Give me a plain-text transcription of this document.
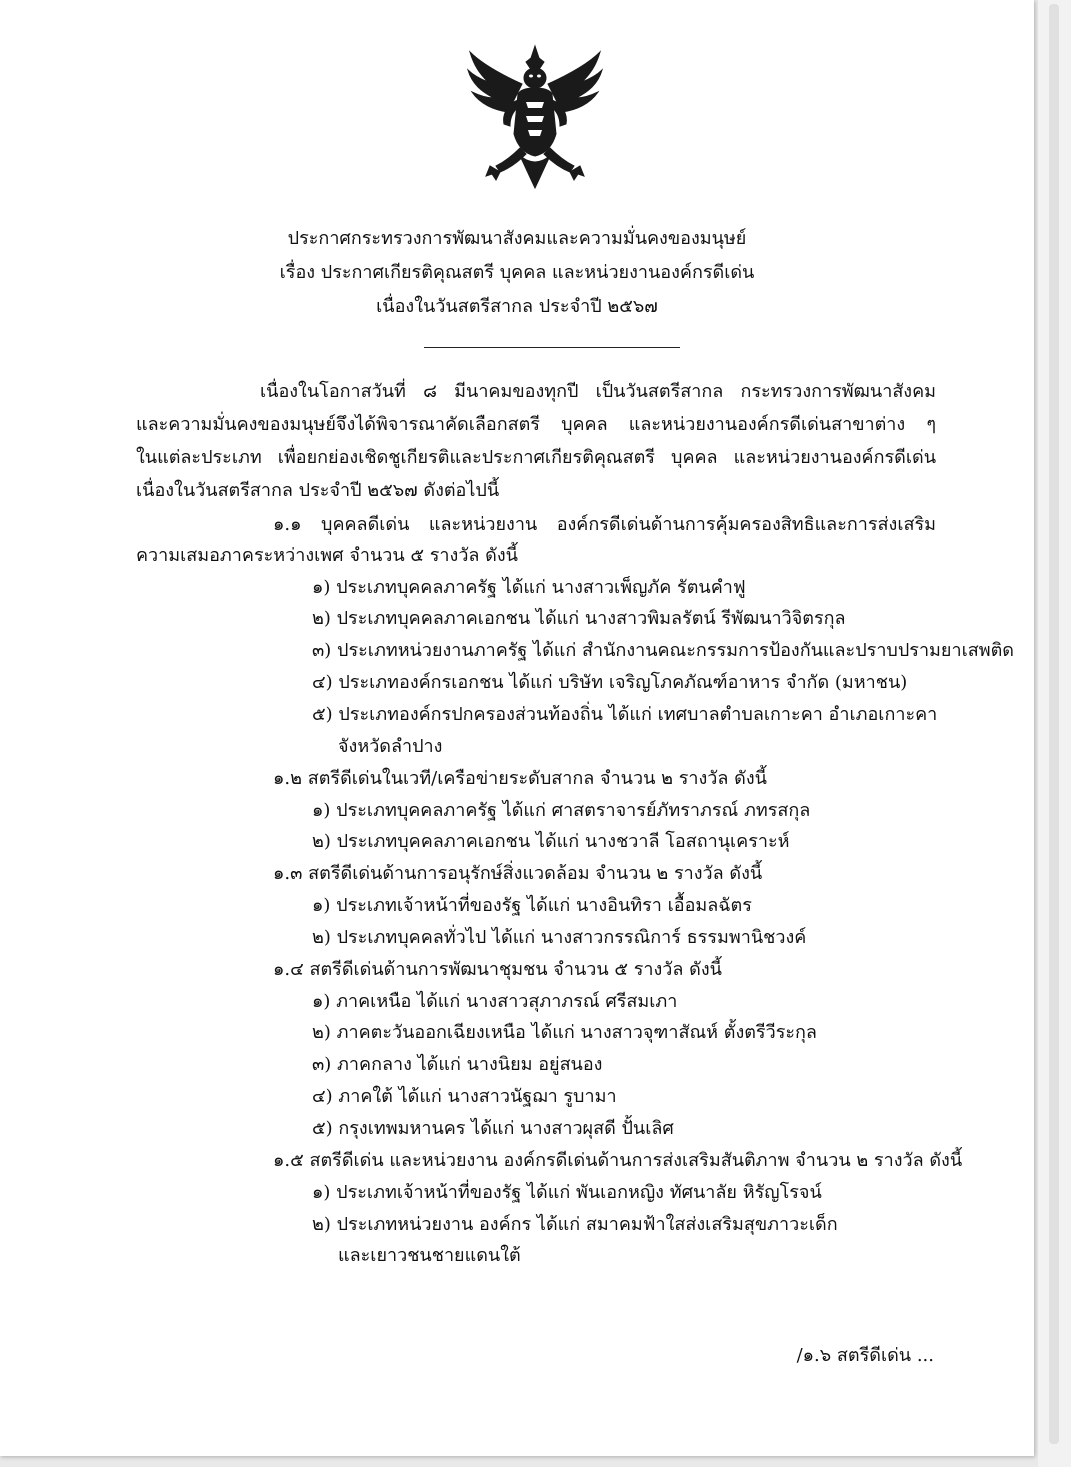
ประกาศกระทรวงการพัฒนาสังคมและความมั่นคงของมนุษย์
เรื่อง ประกาศเกียรติคุณสตรี บุคคล และหน่วยงานองค์กรดีเด่น
เนื่องในวันสตรีสากล ประจำปี ๒๕๖๗
เนื่องในโอกาสวันที่ ๘ มีนาคมของทุกปี เป็นวันสตรีสากล กระทรวงการพัฒนาสังคม
และความมั่นคงของมนุษย์จึงได้พิจารณาคัดเลือกสตรี บุคคล และหน่วยงานองค์กรดีเด่นสาขาต่าง ๆ
ในแต่ละประเภท เพื่อยกย่องเชิดชูเกียรติและประกาศเกียรติคุณสตรี บุคคล และหน่วยงานองค์กรดีเด่น
เนื่องในวันสตรีสากล ประจำปี ๒๕๖๗ ดังต่อไปนี้
๑.๑ บุคคลดีเด่น และหน่วยงาน องค์กรดีเด่นด้านการคุ้มครองสิทธิและการส่งเสริม
ความเสมอภาคระหว่างเพศ จำนวน ๕ รางวัล ดังนี้
๑) ประเภทบุคคลภาครัฐ ได้แก่ นางสาวเพ็ญภัค รัตนคำฟู
๒) ประเภทบุคคลภาคเอกชน ได้แก่ นางสาวพิมลรัตน์ รีพัฒนาวิจิตรกุล
๓) ประเภทหน่วยงานภาครัฐ ได้แก่ สำนักงานคณะกรรมการป้องกันและปราบปรามยาเสพติด
๔) ประเภทองค์กรเอกชน ได้แก่ บริษัท เจริญโภคภัณฑ์อาหาร จำกัด (มหาชน)
๕) ประเภทองค์กรปกครองส่วนท้องถิ่น ได้แก่ เทศบาลตำบลเกาะคา อำเภอเกาะคา
จังหวัดลำปาง
๑.๒ สตรีดีเด่นในเวที/เครือข่ายระดับสากล จำนวน ๒ รางวัล ดังนี้
๑) ประเภทบุคคลภาครัฐ ได้แก่ ศาสตราจารย์ภัทราภรณ์ ภทรสกุล
๒) ประเภทบุคคลภาคเอกชน ได้แก่ นางชวาลี โอสถานุเคราะห์
๑.๓ สตรีดีเด่นด้านการอนุรักษ์สิ่งแวดล้อม จำนวน ๒ รางวัล ดังนี้
๑) ประเภทเจ้าหน้าที่ของรัฐ ได้แก่ นางอินทิรา เอื้อมลฉัตร
๒) ประเภทบุคคลทั่วไป ได้แก่ นางสาวกรรณิการ์ ธรรมพานิชวงค์
๑.๔ สตรีดีเด่นด้านการพัฒนาชุมชน จำนวน ๕ รางวัล ดังนี้
๑) ภาคเหนือ ได้แก่ นางสาวสุภาภรณ์ ศรีสมเภา
๒) ภาคตะวันออกเฉียงเหนือ ได้แก่ นางสาวจุฑาสัณห์ ตั้งตรีวีระกุล
๓) ภาคกลาง ได้แก่ นางนิยม อยู่สนอง
๔) ภาคใต้ ได้แก่ นางสาวนัฐฌา รูบามา
๕) กรุงเทพมหานคร ได้แก่ นางสาวผุสดี ปั้นเลิศ
๑.๕ สตรีดีเด่น และหน่วยงาน องค์กรดีเด่นด้านการส่งเสริมสันติภาพ จำนวน ๒ รางวัล ดังนี้
๑) ประเภทเจ้าหน้าที่ของรัฐ ได้แก่ พันเอกหญิง ทัศนาลัย หิรัญโรจน์
๒) ประเภทหน่วยงาน องค์กร ได้แก่ สมาคมฟ้าใสส่งเสริมสุขภาวะเด็ก
และเยาวชนชายแดนใต้
/๑.๖ สตรีดีเด่น ...
